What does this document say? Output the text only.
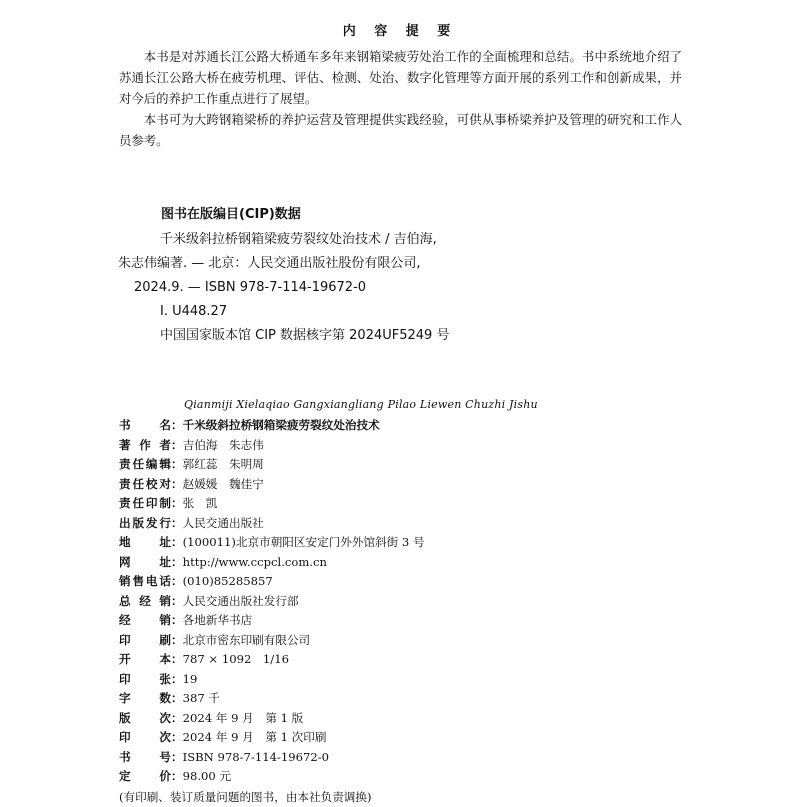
内 容 提 要

本书是对苏通长江公路大桥通车多年来钢箱梁疲劳处治工作的全面梳理和总结。书中系统地介绍了苏通长江公路大桥在疲劳机理、评估、检测、处治、数字化管理等方面开展的系列工作和创新成果，并对今后的养护工作重点进行了展望。

本书可为大跨钢箱梁桥的养护运营及管理提供实践经验，可供从事桥梁养护及管理的研究和工作人员参考。

图书在版编目(CIP)数据
千米级斜拉桥钢箱梁疲劳裂纹处治技术 / 吉伯海,
朱志伟编著. — 北京：人民交通出版社股份有限公司,
2024.9. — ISBN 978-7-114-19672-0
Ⅰ. U448.27
中国国家版本馆 CIP 数据核字第 2024UF5249 号
Qianmiji Xielaqiao Gangxiangliang Pilao Liewen Chuzhi Jishu
书名 ： 千米级斜拉桥钢箱梁疲劳裂纹处治技术
著作者 ： 吉伯海　朱志伟
责任编辑 ： 郭红蕊　朱明周
责任校对 ： 赵媛媛　魏佳宁
责任印制 ： 张　凯
出版发行 ： 人民交通出版社
地址 ： (100011)北京市朝阳区安定门外外馆斜街 3 号
网址 ： http://www.ccpcl.com.cn
销售电话 ： (010)85285857
总经销 ： 人民交通出版社发行部
经销 ： 各地新华书店
印刷 ： 北京市密东印刷有限公司
开本 ： 787 × 1092　1/16
印张 ： 19
字数 ： 387 千
版次 ： 2024 年 9 月　第 1 版
印次 ： 2024 年 9 月　第 1 次印刷
书号 ： ISBN 978-7-114-19672-0
定价 ： 98.00 元
(有印刷、装订质量问题的图书，由本社负责调换)
